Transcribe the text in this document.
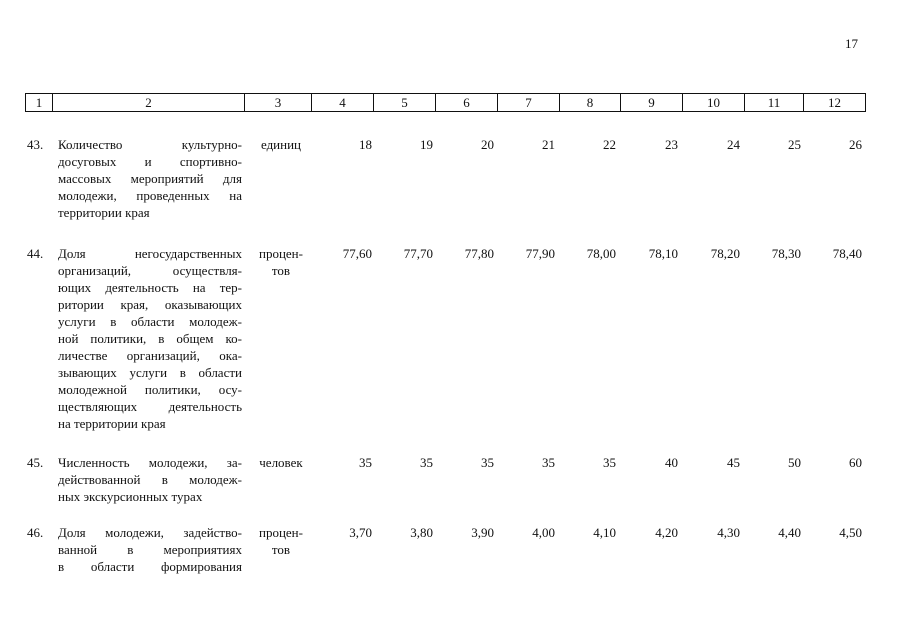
17
1	2	3	4	5	6	7	8	9	10	11	12
43. Количество культурно-
досуговых и спортивно-
массовых мероприятий для
молодежи, проведенных на
территории края
единиц	18	19	20	21	22	23	24	25	26
44. Доля негосударственных
организаций, осуществля-
ющих деятельность на тер-
ритории края, оказывающих
услуги в области молодеж-
ной политики, в общем ко-
личестве организаций, ока-
зывающих услуги в области
молодежной политики, осу-
ществляющих деятельность
на территории края
процен-
тов
77,60	77,70	77,80	77,90	78,00	78,10	78,20	78,30	78,40
45. Численность молодежи, за-
действованной в молодеж-
ных экскурсионных турах
человек	35	35	35	35	35	40	45	50	60
46. Доля молодежи, задейство-
ванной в мероприятиях
в области формирования
процен-
тов
3,70	3,80	3,90	4,00	4,10	4,20	4,30	4,40	4,50
